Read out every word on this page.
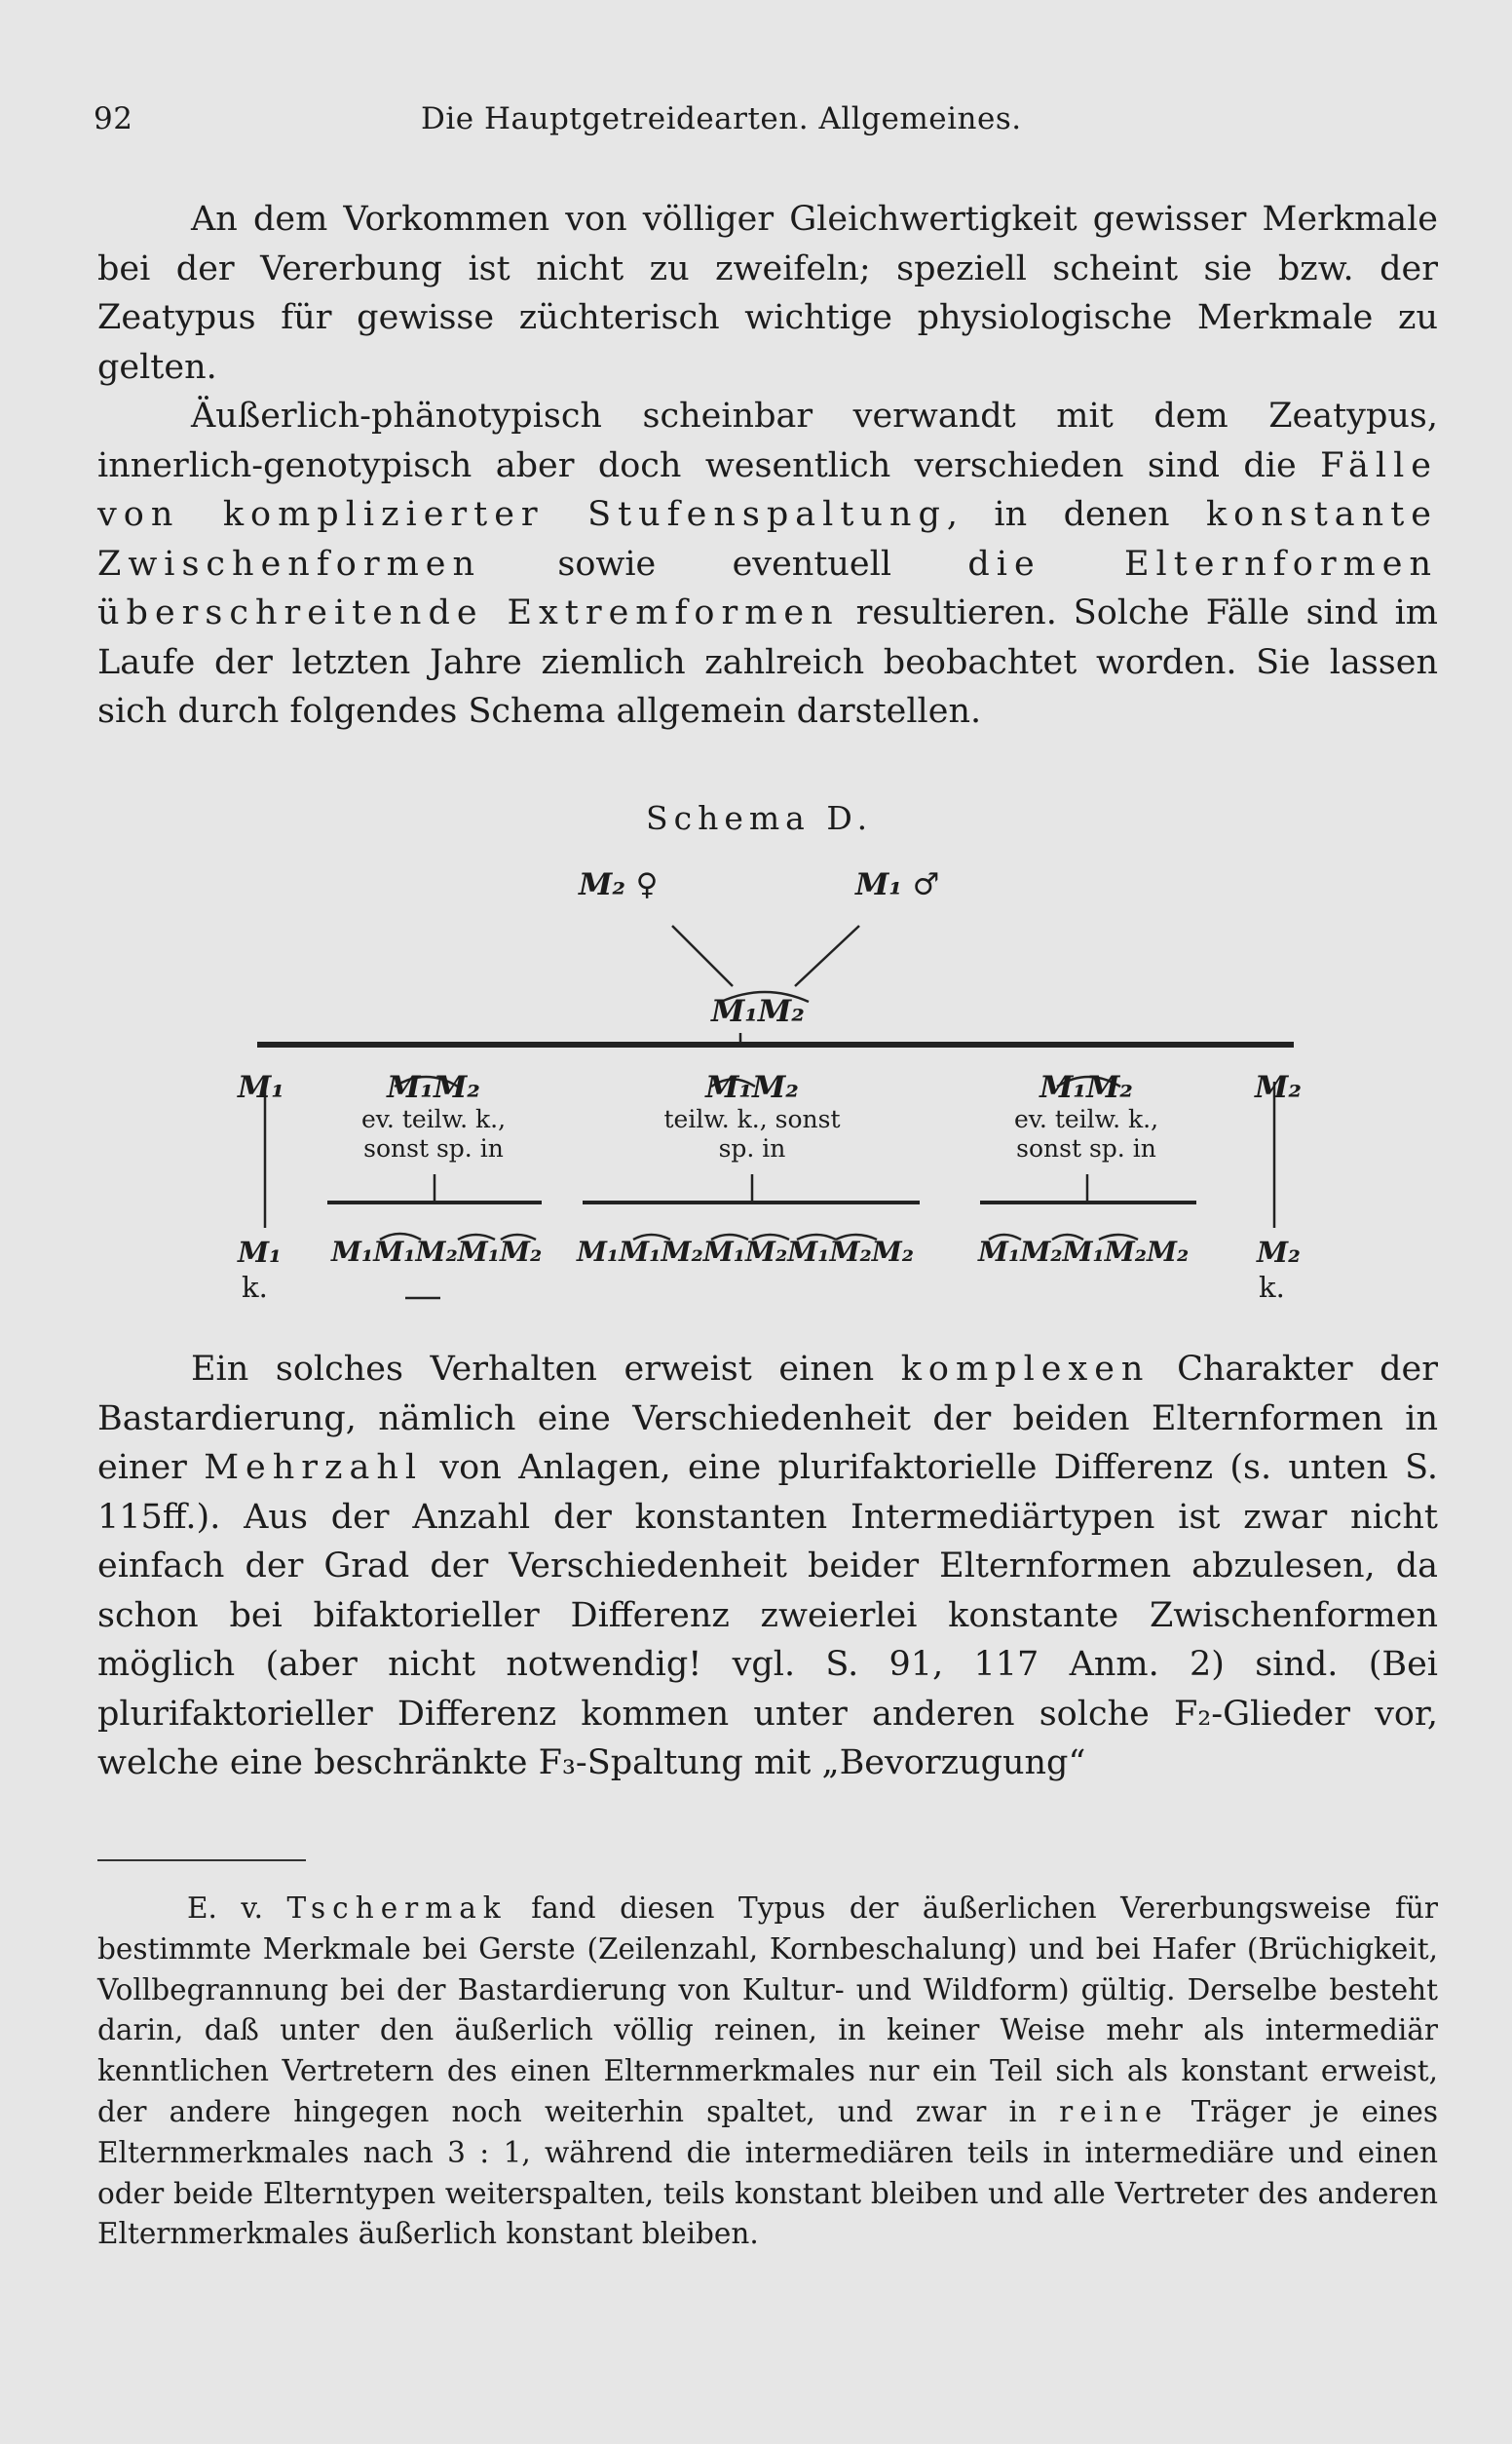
92	Die Hauptgetreidearten. Allgemeines.

An dem Vorkommen von völliger Gleichwertigkeit gewisser Merkmale bei der Vererbung ist nicht zu zweifeln; speziell scheint sie bzw. der Zeatypus für gewisse züchterisch wichtige physiologische Merkmale zu gelten.

Äußerlich-phänotypisch scheinbar verwandt mit dem Zeatypus, innerlich-genotypisch aber doch wesentlich verschieden sind die Fälle von komplizierter Stufenspaltung, in denen konstante Zwischenformen sowie eventuell die Elternformen überschreitende Extremformen resultieren. Solche Fälle sind im Laufe der letzten Jahre ziemlich zahlreich beobachtet worden. Sie lassen sich durch folgendes Schema allgemein darstellen.

Schema D.
M₂ ♀	M₁ ♂
M₁M₂
M₁	M₂
M₁M₂
ev. teilw. k.,
sonst sp. in
M₁M₂
teilw. k., sonst
sp. in
M₁M₂
ev. teilw. k.,
sonst sp. in
M₁
k.
M₂
k.
M₁M₁M₂M₁M₂ M₁M₁M₂M₁M₂M₁M₂M₂ M₁M₂M₁M₂M₂

Ein solches Verhalten erweist einen komplexen Charakter der Bastardierung, nämlich eine Verschiedenheit der beiden Elternformen in einer Mehrzahl von Anlagen, eine plurifaktorielle Differenz (s. unten S. 115ff.). Aus der Anzahl der konstanten Intermediärtypen ist zwar nicht einfach der Grad der Verschiedenheit beider Elternformen abzulesen, da schon bei bifaktorieller Differenz zweierlei konstante Zwischenformen möglich (aber nicht notwendig! vgl. S. 91, 117 Anm. 2) sind. (Bei plurifaktorieller Differenz kommen unter anderen solche F₂-Glieder vor, welche eine beschränkte F₃-Spaltung mit „Bevorzugung“

E. v. Tschermak fand diesen Typus der äußerlichen Vererbungsweise für bestimmte Merkmale bei Gerste (Zeilenzahl, Kornbeschalung) und bei Hafer (Brüchigkeit, Vollbegrannung bei der Bastardierung von Kultur- und Wildform) gültig. Derselbe besteht darin, daß unter den äußerlich völlig reinen, in keiner Weise mehr als intermediär kenntlichen Vertretern des einen Elternmerkmales nur ein Teil sich als konstant erweist, der andere hingegen noch weiterhin spaltet, und zwar in reine Träger je eines Elternmerkmales nach 3 : 1, während die intermediären teils in intermediäre und einen oder beide Elterntypen weiterspalten, teils konstant bleiben und alle Vertreter des anderen Elternmerkmales äußerlich konstant bleiben.
